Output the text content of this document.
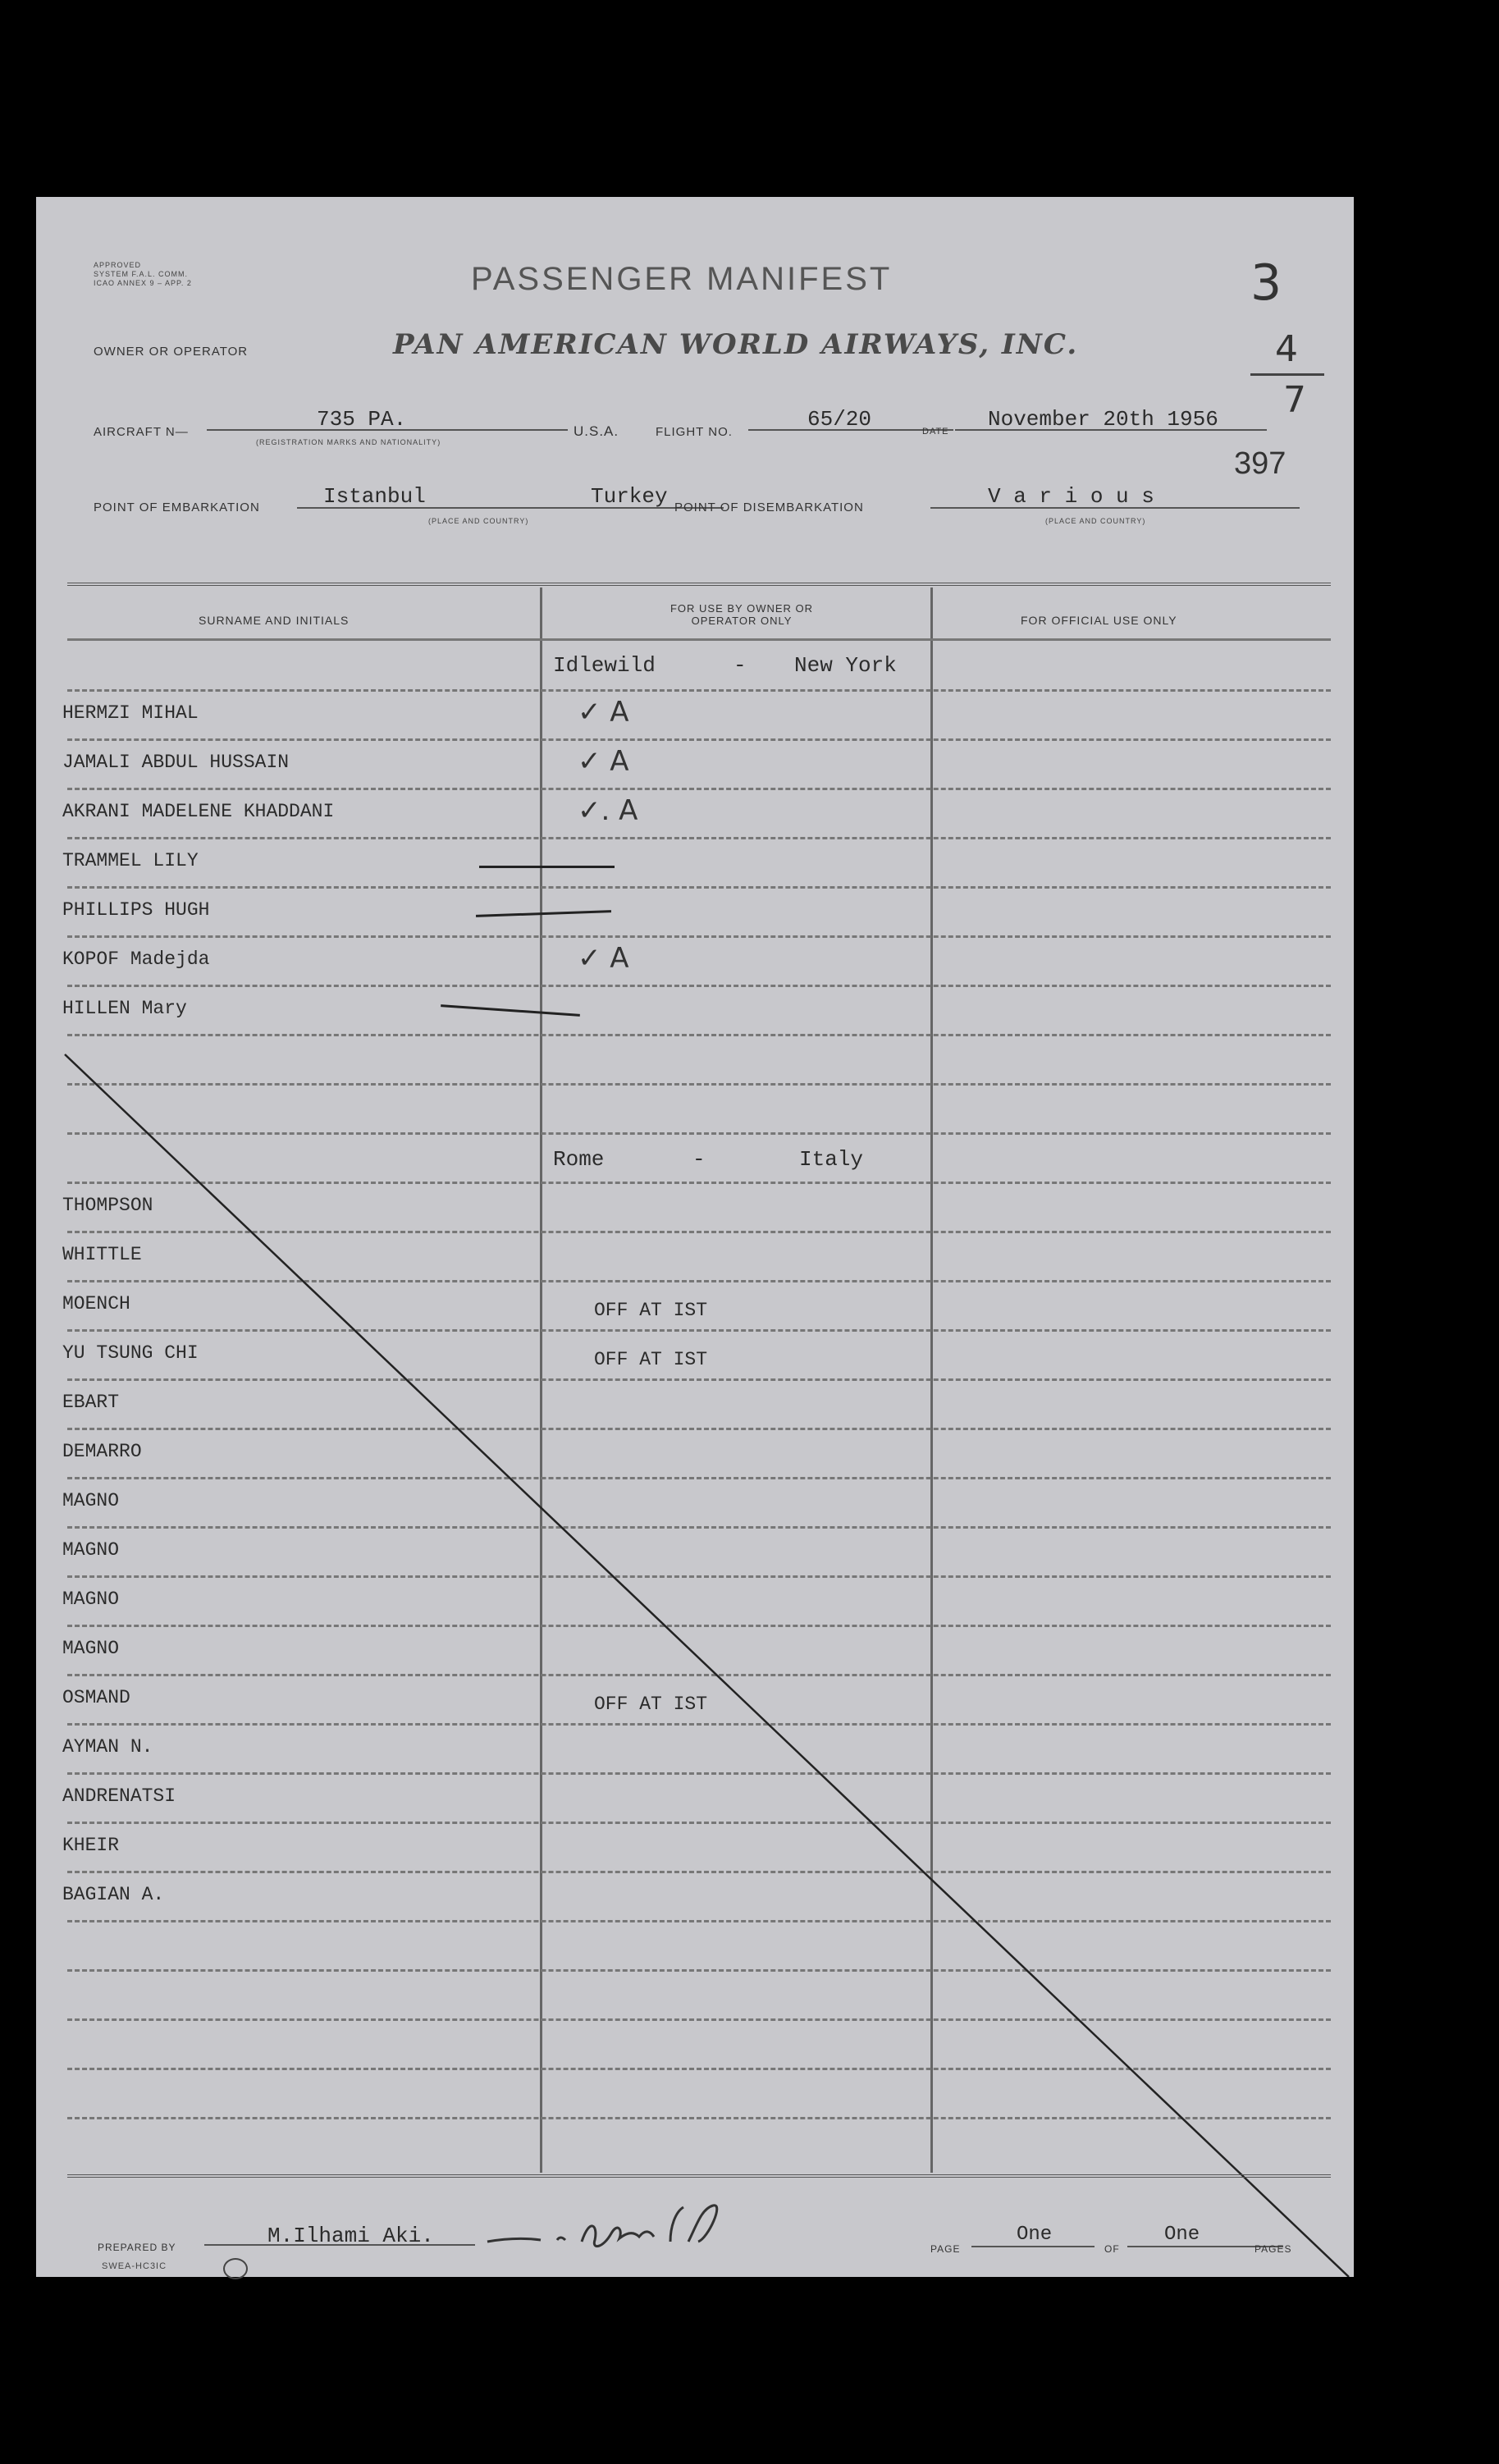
APPROVED
SYSTEM F.A.L. COMM.
ICAO ANNEX 9 – APP. 2	PASSENGER MANIFEST	3
OWNER OR OPERATOR	PAN AMERICAN WORLD AIRWAYS, INC.	4
7
AIRCRAFT N—
735 PA.
(REGISTRATION MARKS AND NATIONALITY)
U.S.A.	FLIGHT NO.
65/20	DATE November 20th 1956
397
POINT OF EMBARKATION	Istanbul	Turkey
(PLACE AND COUNTRY)
POINT OF DISEMBARKATION	V a r i o u s
(PLACE AND COUNTRY)
SURNAME AND INITIALS
FOR USE BY OWNER OR OPERATOR ONLY	FOR OFFICIAL USE ONLY
Idlewild	- New York
HERMZI MIHAL	✓ A
JAMALI ABDUL HUSSAIN	✓ A
AKRANI MADELENE KHADDANI	✓. A
TRAMMEL LILY
PHILLIPS HUGH
KOPOF Madejda	✓ A
HILLEN Mary
Rome	-	Italy
THOMPSON
WHITTLE
MOENCH	OFF AT IST
YU TSUNG CHI	OFF AT IST
EBART
DEMARRO
MAGNO
MAGNO
MAGNO
MAGNO
OSMAND	OFF AT IST
AYMAN N.
ANDRENATSI
KHEIR
BAGIAN A.
PREPARED BY	M.Ilhami Aki.
PAGE
One
OF
One
PAGES
SWEA-HC3IC
